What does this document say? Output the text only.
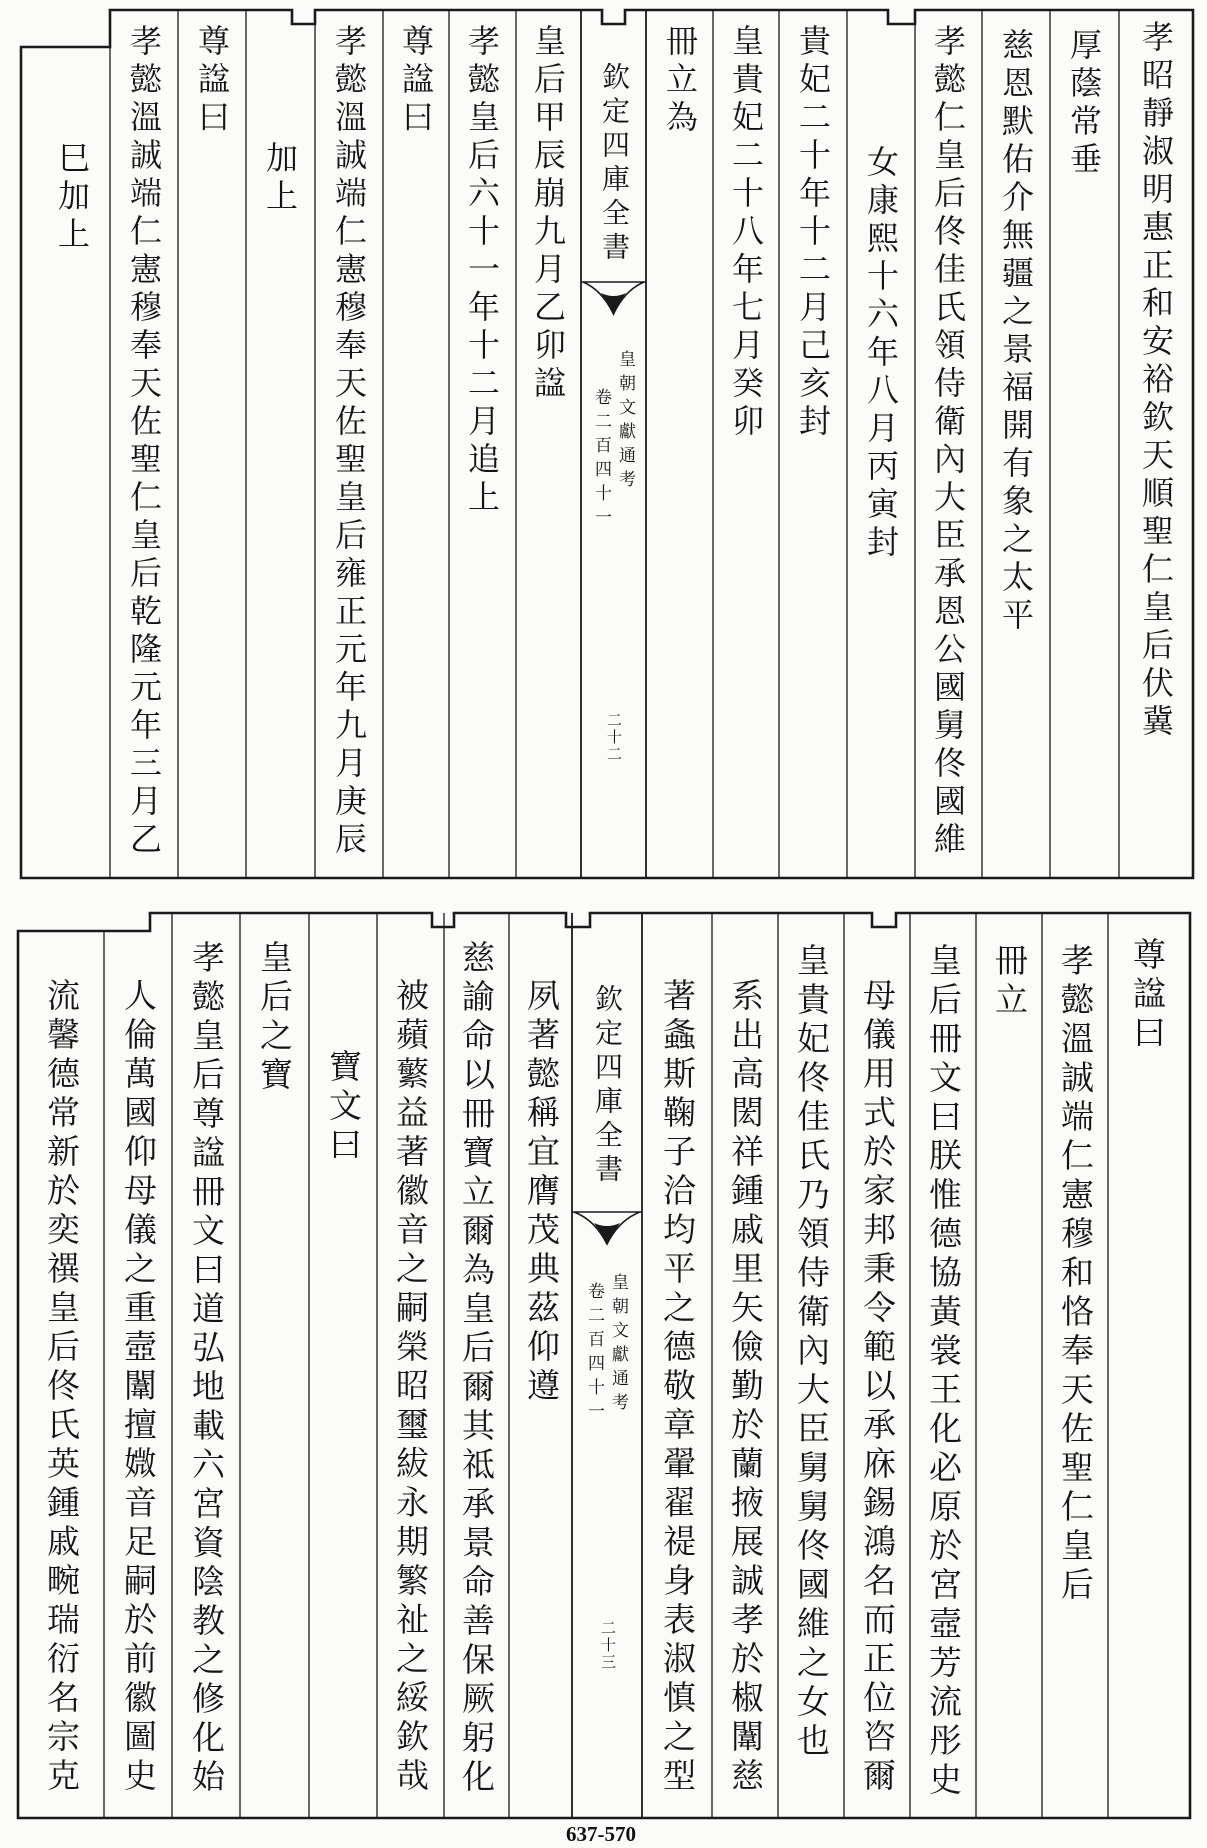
孝昭靜淑明惠正和安裕欽天順聖仁皇后伏冀
厚蔭常垂
慈恩默佑介無疆之景福開有象之太平
孝懿仁皇后佟佳氏領侍衛內大臣承恩公國舅佟國維
女康熙十六年八月丙寅封
貴妃二十年十二月己亥封
皇貴妃二十八年七月癸卯
冊立為
欽定四庫全書
皇朝文獻通考
卷二百四十一
二十二
皇后甲辰崩九月乙卯諡
孝懿皇后六十一年十二月追上
尊諡曰
孝懿溫誠端仁憲穆奉天佐聖皇后雍正元年九月庚辰
加上
尊諡曰
孝懿溫誠端仁憲穆奉天佐聖仁皇后乾隆元年三月乙
巳加上
尊諡曰
孝懿溫誠端仁憲穆和恪奉天佐聖仁皇后
冊立
皇后冊文曰朕惟德協黃裳王化必原於宮壼芳流彤史
母儀用式於家邦秉令範以承庥錫鴻名而正位咨爾
皇貴妃佟佳氏乃領侍衛內大臣舅舅佟國維之女也
系出高閎祥鍾戚里矢儉勤於蘭掖展誠孝於椒闈慈
著螽斯鞠子洽均平之德敬章翬翟禔身表淑慎之型
欽定四庫全書
皇朝文獻通考
卷二百四十一
二十三
夙著懿稱宜膺茂典茲仰遵
慈諭命以冊寶立爾為皇后爾其祗承景命善保厥躬化
被蘋蘩益著徽音之嗣榮昭璽紱永期繁祉之綏欽哉
寶文曰
皇后之寶
孝懿皇后尊諡冊文曰道弘地載六宮資陰教之修化始
人倫萬國仰母儀之重壼闈擅媺音足嗣於前徽圖史
流馨德常新於奕禩皇后佟氏英鍾戚畹瑞衍名宗克
637-570
